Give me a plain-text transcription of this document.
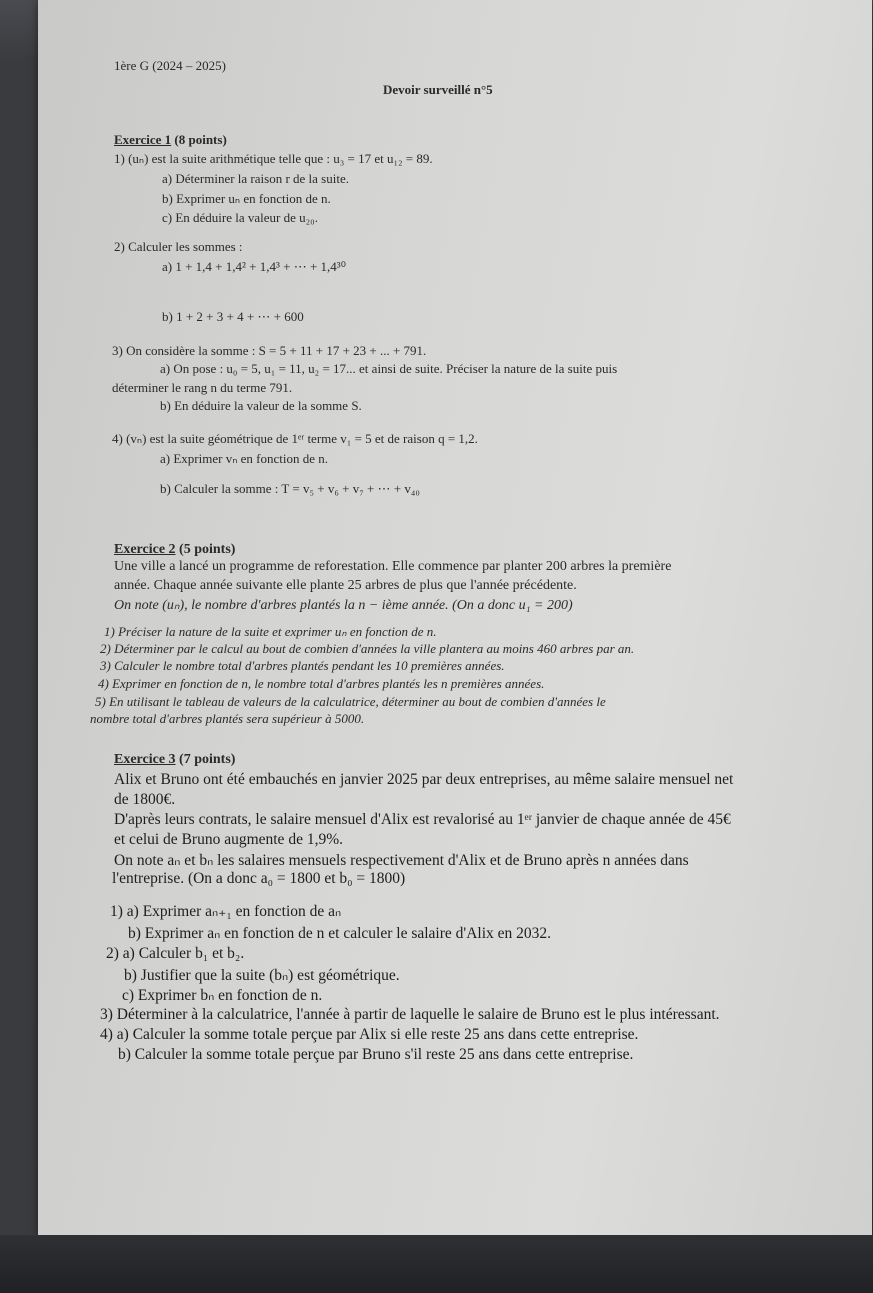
1ère G (2024 – 2025)
Devoir surveillé n°5
Exercice 1 (8 points)
1) (uₙ) est la suite arithmétique telle que : u₃ = 17 et u₁₂ = 89.
a) Déterminer la raison r de la suite.
b) Exprimer uₙ en fonction de n.
c) En déduire la valeur de u₂₀.
2) Calculer les sommes :
a) 1 + 1,4 + 1,4² + 1,4³ + ⋯ + 1,4³⁰
b) 1 + 2 + 3 + 4 + ⋯ + 600
3) On considère la somme : S = 5 + 11 + 17 + 23 + ... + 791.
a) On pose : u₀ = 5, u₁ = 11, u₂ = 17... et ainsi de suite. Préciser la nature de la suite puis
déterminer le rang n du terme 791.
b) En déduire la valeur de la somme S.
4) (vₙ) est la suite géométrique de 1ᵉʳ terme v₁ = 5 et de raison q = 1,2.
a) Exprimer vₙ en fonction de n.
b) Calculer la somme : T = v₅ + v₆ + v₇ + ⋯ + v₄₀
Exercice 2 (5 points)
Une ville a lancé un programme de reforestation. Elle commence par planter 200 arbres la première
année. Chaque année suivante elle plante 25 arbres de plus que l'année précédente.
On note (uₙ), le nombre d'arbres plantés la n − ième année. (On a donc u₁ = 200)
1) Préciser la nature de la suite et exprimer uₙ en fonction de n.
2) Déterminer par le calcul au bout de combien d'années la ville plantera au moins 460 arbres par an.
3) Calculer le nombre total d'arbres plantés pendant les 10 premières années.
4) Exprimer en fonction de n, le nombre total d'arbres plantés les n premières années.
5) En utilisant le tableau de valeurs de la calculatrice, déterminer au bout de combien d'années le
nombre total d'arbres plantés sera supérieur à 5000.
Exercice 3 (7 points)
Alix et Bruno ont été embauchés en janvier 2025 par deux entreprises, au même salaire mensuel net
de 1800€.
D'après leurs contrats, le salaire mensuel d'Alix est revalorisé au 1ᵉʳ janvier de chaque année de 45€
et celui de Bruno augmente de 1,9%.
On note aₙ et bₙ les salaires mensuels respectivement d'Alix et de Bruno après n années dans
l'entreprise. (On a donc a₀ = 1800 et b₀ = 1800)
1) a) Exprimer aₙ₊₁ en fonction de aₙ
b) Exprimer aₙ en fonction de n et calculer le salaire d'Alix en 2032.
2) a) Calculer b₁ et b₂.
b) Justifier que la suite (bₙ) est géométrique.
c) Exprimer bₙ en fonction de n.
3) Déterminer à la calculatrice, l'année à partir de laquelle le salaire de Bruno est le plus intéressant.
4) a) Calculer la somme totale perçue par Alix si elle reste 25 ans dans cette entreprise.
b) Calculer la somme totale perçue par Bruno s'il reste 25 ans dans cette entreprise.
